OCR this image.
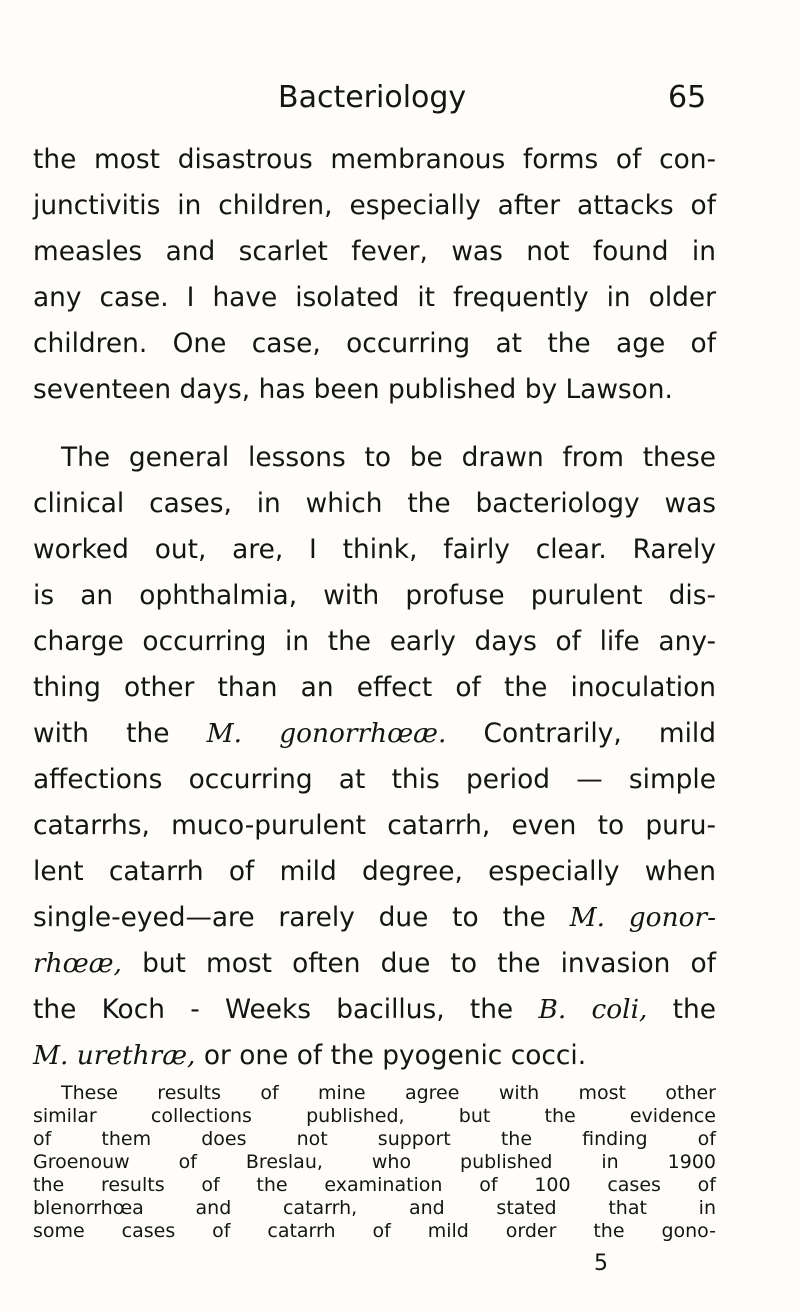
Bacteriology	65
the most disastrous membranous forms of con-
junctivitis in children, especially after attacks of
measles and scarlet fever, was not found in
any case. I have isolated it frequently in older
children. One case, occurring at the age of
seventeen days, has been published by Lawson.
The general lessons to be drawn from these
clinical cases, in which the bacteriology was
worked out, are, I think, fairly clear. Rarely
is an ophthalmia, with profuse purulent dis-
charge occurring in the early days of life any-
thing other than an effect of the inoculation
with the M. gonorrhœæ. Contrarily, mild
affections occurring at this period — simple
catarrhs, muco-purulent catarrh, even to puru-
lent catarrh of mild degree, especially when
single-eyed—are rarely due to the M. gonor-
rhœæ, but most often due to the invasion of
the Koch - Weeks bacillus, the B. coli, the
M. urethræ, or one of the pyogenic cocci.
These results of mine agree with most other
similar collections published, but the evidence
of them does not support the finding of
Groenouw of Breslau, who published in 1900
the results of the examination of 100 cases of
blenorrhœa and catarrh, and stated that in
some cases of catarrh of mild order the gono-
5
